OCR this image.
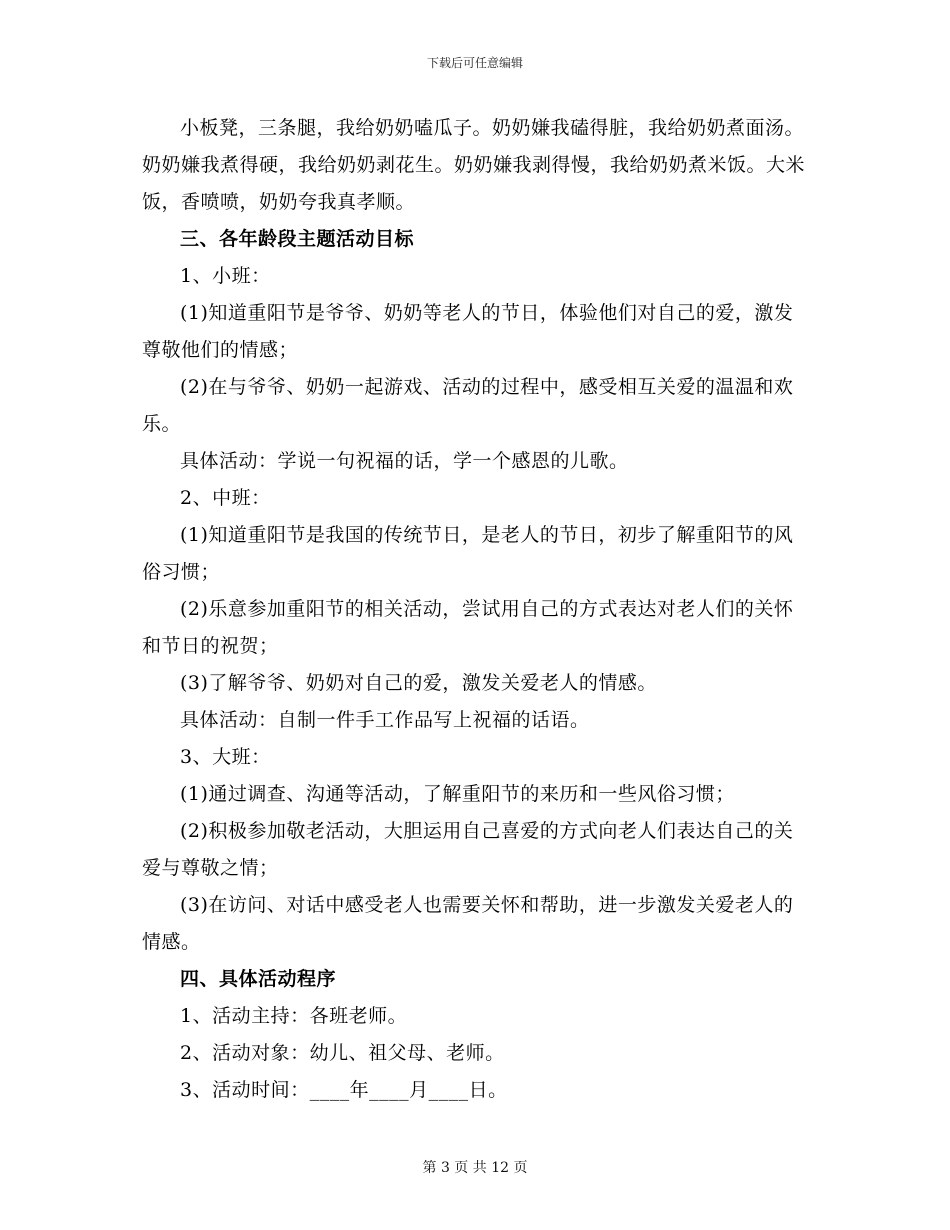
下载后可任意编辑

小板凳，三条腿，我给奶奶嗑瓜子。奶奶嫌我磕得脏，我给奶奶煮面汤。奶奶嫌我煮得硬，我给奶奶剥花生。奶奶嫌我剥得慢，我给奶奶煮米饭。大米饭，香喷喷，奶奶夸我真孝顺。

三、各年龄段主题活动目标

1、小班：

(1)知道重阳节是爷爷、奶奶等老人的节日，体验他们对自己的爱，激发尊敬他们的情感；

(2)在与爷爷、奶奶一起游戏、活动的过程中，感受相互关爱的温温和欢乐。

具体活动：学说一句祝福的话，学一个感恩的儿歌。

2、中班：

(1)知道重阳节是我国的传统节日，是老人的节日，初步了解重阳节的风俗习惯；

(2)乐意参加重阳节的相关活动，尝试用自己的方式表达对老人们的关怀和节日的祝贺；

(3)了解爷爷、奶奶对自己的爱，激发关爱老人的情感。

具体活动：自制一件手工作品写上祝福的话语。

3、大班：

(1)通过调查、沟通等活动，了解重阳节的来历和一些风俗习惯；

(2)积极参加敬老活动，大胆运用自己喜爱的方式向老人们表达自己的关爱与尊敬之情；

(3)在访问、对话中感受老人也需要关怀和帮助，进一步激发关爱老人的情感。

四、具体活动程序

1、活动主持：各班老师。

2、活动对象：幼儿、祖父母、老师。

3、活动时间：____年____月____日。

第 3 页 共 12 页
